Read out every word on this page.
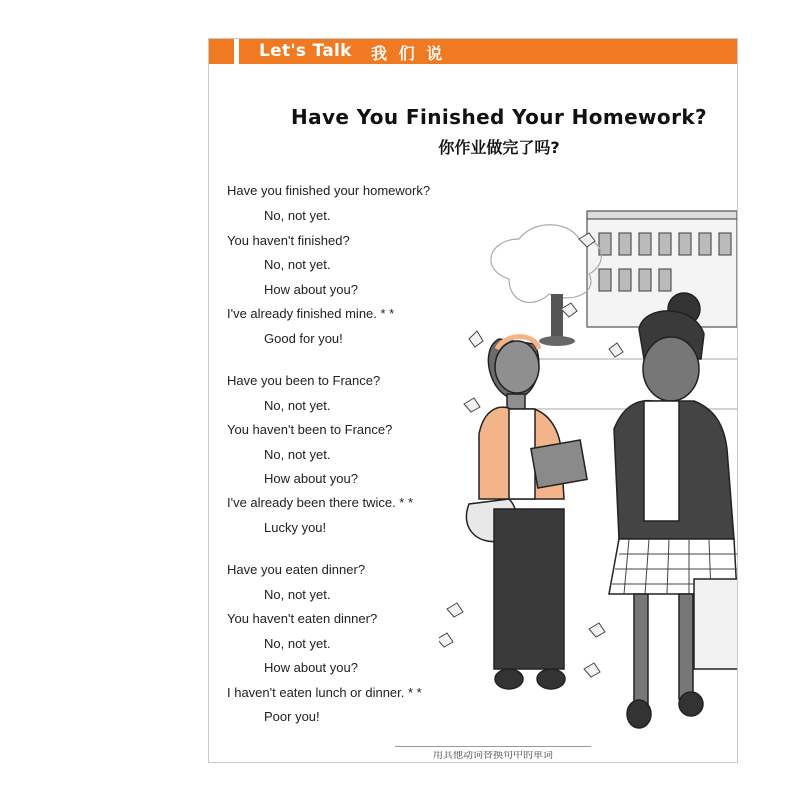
Let's Talk 我 们 说
Have You Finished Your Homework?
你作业做完了吗?
Have you finished your homework?
No, not yet.
You haven't finished?
No, not yet.
How about you?
I've already finished mine. * *
Good for you!
Have you been to France?
No, not yet.
You haven't been to France?
No, not yet.
How about you?
I've already been there twice. * *
Lucky you!
Have you eaten dinner?
No, not yet.
You haven't eaten dinner?
No, not yet.
How about you?
I haven't eaten lunch or dinner. * *
Poor you!
用其他动词替换句中的单词
